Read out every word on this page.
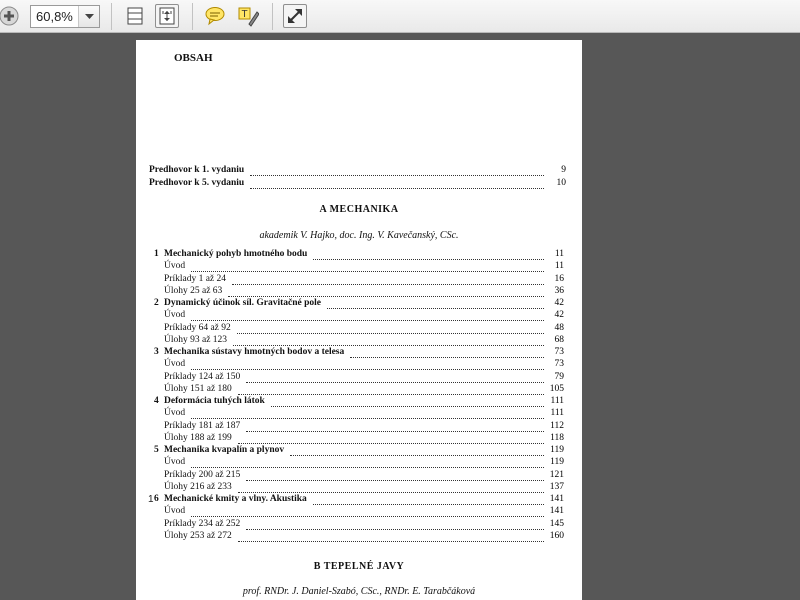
60,8%	T
OBSAH
Predhovor k 1. vydaniu	9
Predhovor k 5. vydaniu	10
A MECHANIKA
akademik V. Hajko, doc. Ing. V. Kavečanský, CSc.
1 Mechanický pohyb hmotného bodu	11
Úvod	11
Príklady 1 až 24	16
Úlohy 25 až 63	36
2 Dynamický účinok síl. Gravitačné pole	42
Úvod	42
Príklady 64 až 92	48
Úlohy 93 až 123	68
3 Mechanika sústavy hmotných bodov a telesa	73
Úvod	73
Príklady 124 až 150	79
Úlohy 151 až 180	105
4 Deformácia tuhých látok	111
Úvod	111
Príklady 181 až 187	112
Úlohy 188 až 199	118
5 Mechanika kvapalín a plynov	119
Úvod	119
Príklady 200 až 215	121
Úlohy 216 až 233	137
6 Mechanické kmity a vlny. Akustika	141
Úvod	141
Príklady 234 až 252	145
Úlohy 253 až 272	160
1
B TEPELNÉ JAVY
prof. RNDr. J. Daniel-Szabó, CSc., RNDr. E. Tarabčáková
